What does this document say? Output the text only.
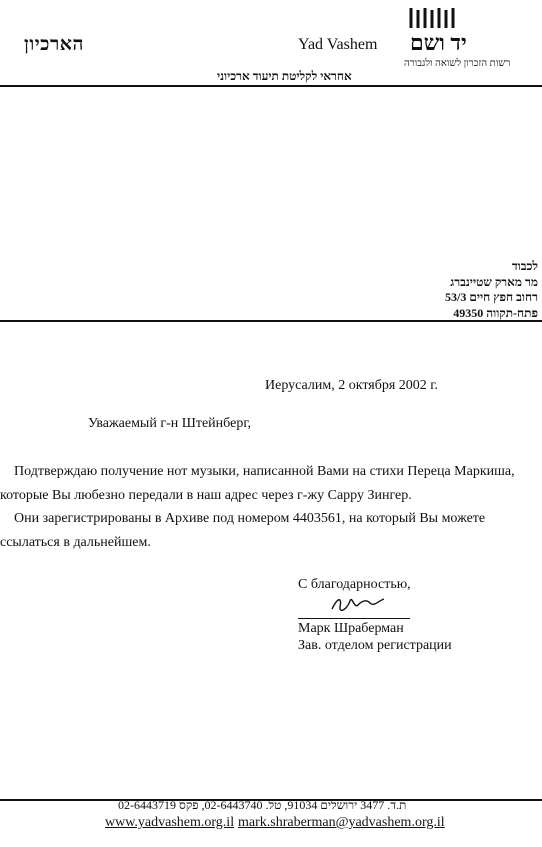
הארכיון	Yad Vashem יד ושם
רשות הזכרון לשואה ולגבורה
אחראי לקליטת תיעוד ארכיוני
לכבוד
מר מארק שטיינברג
רחוב חפץ חיים 53/3
פתח-תקווה 49350
Иерусалим, 2 октября 2002 г.
Уважаемый г-н Штейнберг,
Подтверждаю получение нот музыки, написанной Вами на стихи Переца Маркиша,
которые Вы любезно передали в наш адрес через г-жу Сарру Зингер.
Они зарегистрированы в Архиве под номером 4403561, на который Вы можете
ссылаться в дальнейшем.
С благодарностью,
Марк Шраберман
Зав. отделом регистрации
ת.ד. 3477 ירושלים 91034, טל. 02-6443740, פקס 02-6443719
www.yadvashem.org.il mark.shraberman@yadvashem.org.il
